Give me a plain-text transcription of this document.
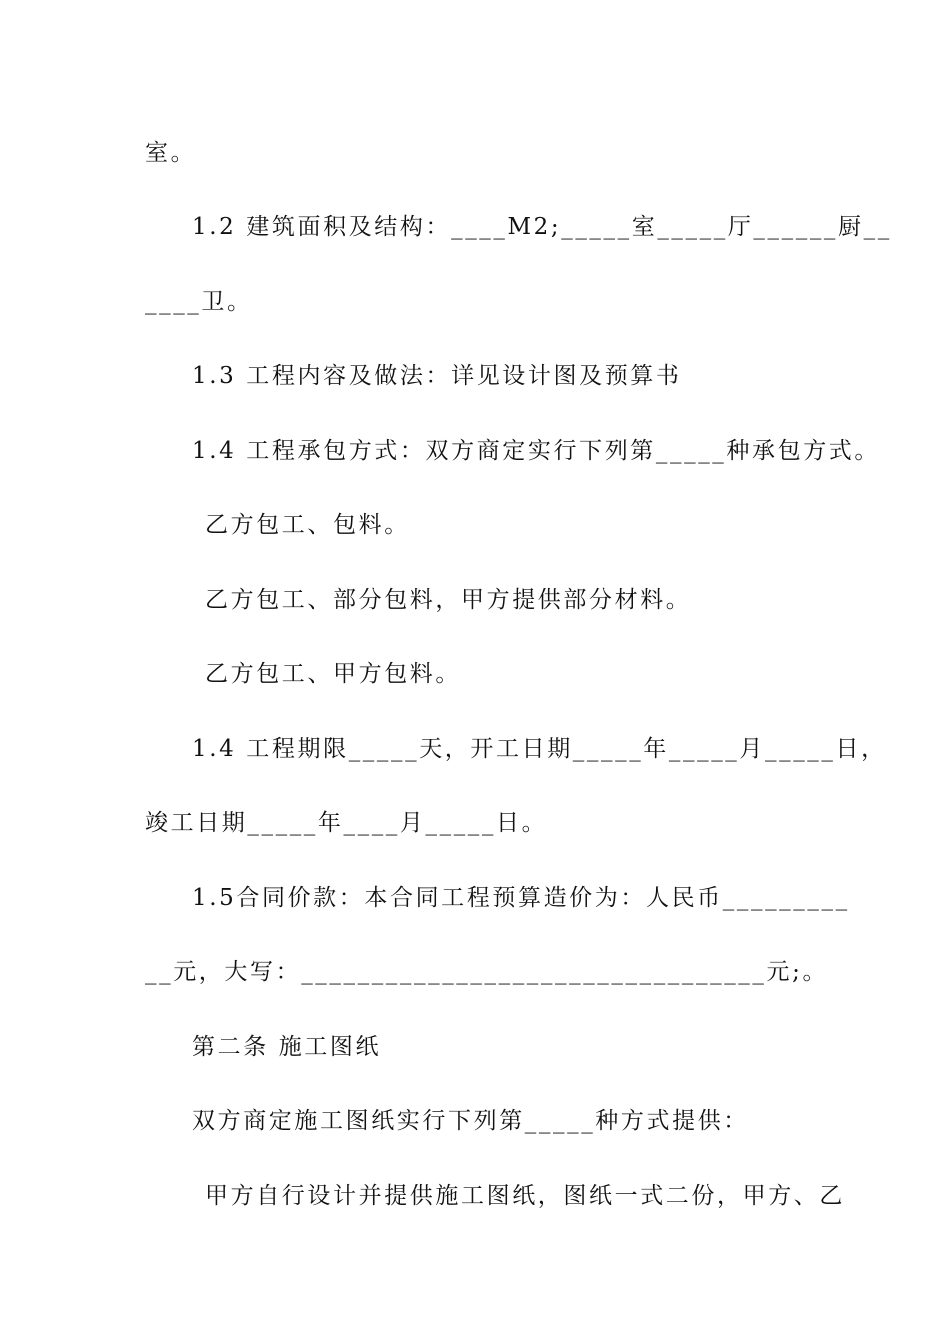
室。
1.2 建筑面积及结构：____M2;_____室_____厅______厨__
____卫。
1.3 工程内容及做法：详见设计图及预算书
1.4 工程承包方式：双方商定实行下列第_____种承包方式。
乙方包工、包料。
乙方包工、部分包料，甲方提供部分材料。
乙方包工、甲方包料。
1.4 工程期限_____天，开工日期_____年_____月_____日，
竣工日期_____年____月_____日。
1.5合同价款：本合同工程预算造价为：人民币_________
__元，大写：_________________________________元;。
第二条 施工图纸
双方商定施工图纸实行下列第_____种方式提供：
甲方自行设计并提供施工图纸，图纸一式二份，甲方、乙
